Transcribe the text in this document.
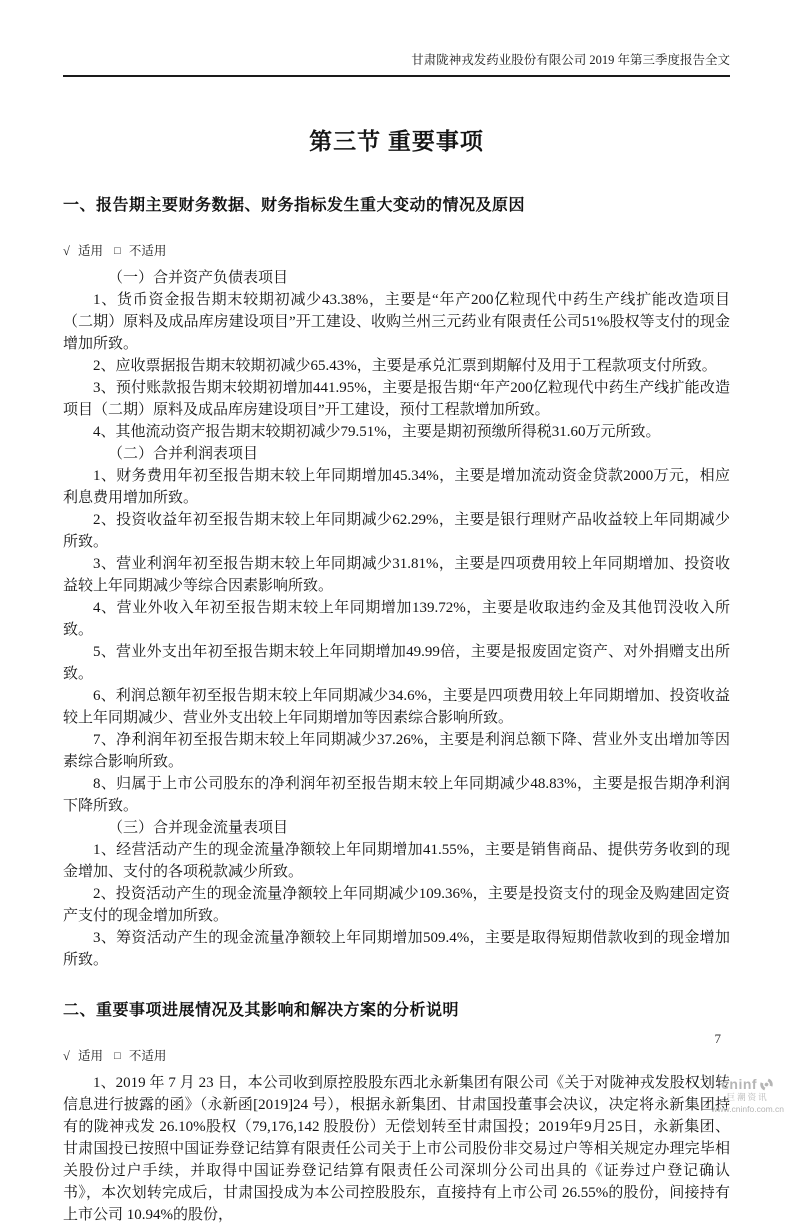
甘肃陇神戎发药业股份有限公司 2019 年第三季度报告全文
第三节 重要事项
一、报告期主要财务数据、财务指标发生重大变动的情况及原因

√ 适用 □ 不适用

（一）合并资产负债表项目

1、货币资金报告期末较期初减少43.38%，主要是“年产200亿粒现代中药生产线扩能改造项目（二期）原料及成品库房建设项目”开工建设、收购兰州三元药业有限责任公司51%股权等支付的现金增加所致。

2、应收票据报告期末较期初减少65.43%，主要是承兑汇票到期解付及用于工程款项支付所致。

3、预付账款报告期末较期初增加441.95%，主要是报告期“年产200亿粒现代中药生产线扩能改造项目（二期）原料及成品库房建设项目”开工建设，预付工程款增加所致。

4、其他流动资产报告期末较期初减少79.51%，主要是期初预缴所得税31.60万元所致。

（二）合并利润表项目

1、财务费用年初至报告期末较上年同期增加45.34%，主要是增加流动资金贷款2000万元，相应利息费用增加所致。

2、投资收益年初至报告期末较上年同期减少62.29%，主要是银行理财产品收益较上年同期减少所致。

3、营业利润年初至报告期末较上年同期减少31.81%，主要是四项费用较上年同期增加、投资收益较上年同期减少等综合因素影响所致。

4、营业外收入年初至报告期末较上年同期增加139.72%，主要是收取违约金及其他罚没收入所致。

5、营业外支出年初至报告期末较上年同期增加49.99倍，主要是报废固定资产、对外捐赠支出所致。

6、利润总额年初至报告期末较上年同期减少34.6%，主要是四项费用较上年同期增加、投资收益较上年同期减少、营业外支出较上年同期增加等因素综合影响所致。

7、净利润年初至报告期末较上年同期减少37.26%，主要是利润总额下降、营业外支出增加等因素综合影响所致。

8、归属于上市公司股东的净利润年初至报告期末较上年同期减少48.83%，主要是报告期净利润下降所致。

（三）合并现金流量表项目

1、经营活动产生的现金流量净额较上年同期增加41.55%，主要是销售商品、提供劳务收到的现金增加、支付的各项税款减少所致。

2、投资活动产生的现金流量净额较上年同期减少109.36%，主要是投资支付的现金及购建固定资产支付的现金增加所致。

3、筹资活动产生的现金流量净额较上年同期增加509.4%，主要是取得短期借款收到的现金增加所致。

二、重要事项进展情况及其影响和解决方案的分析说明

√ 适用 □ 不适用

1、2019 年 7 月 23 日，本公司收到原控股股东西北永新集团有限公司《关于对陇神戎发股权划转信息进行披露的函》（永新函[2019]24 号），根据永新集团、甘肃国投董事会决议，决定将永新集团持有的陇神戎发 26.10%股权（79,176,142 股股份）无偿划转至甘肃国投；2019年9月25日，永新集团、甘肃国投已按照中国证券登记结算有限责任公司关于上市公司股份非交易过户等相关规定办理完毕相关股份过户手续，并取得中国证券登记结算有限责任公司深圳分公司出具的《证券过户登记确认书》，本次划转完成后，甘肃国投成为本公司控股股东，直接持有上市公司 26.55%的股份，间接持有上市公司 10.94%的股份，

7
cninf
巨潮资讯
www.cninfo.com.cn
